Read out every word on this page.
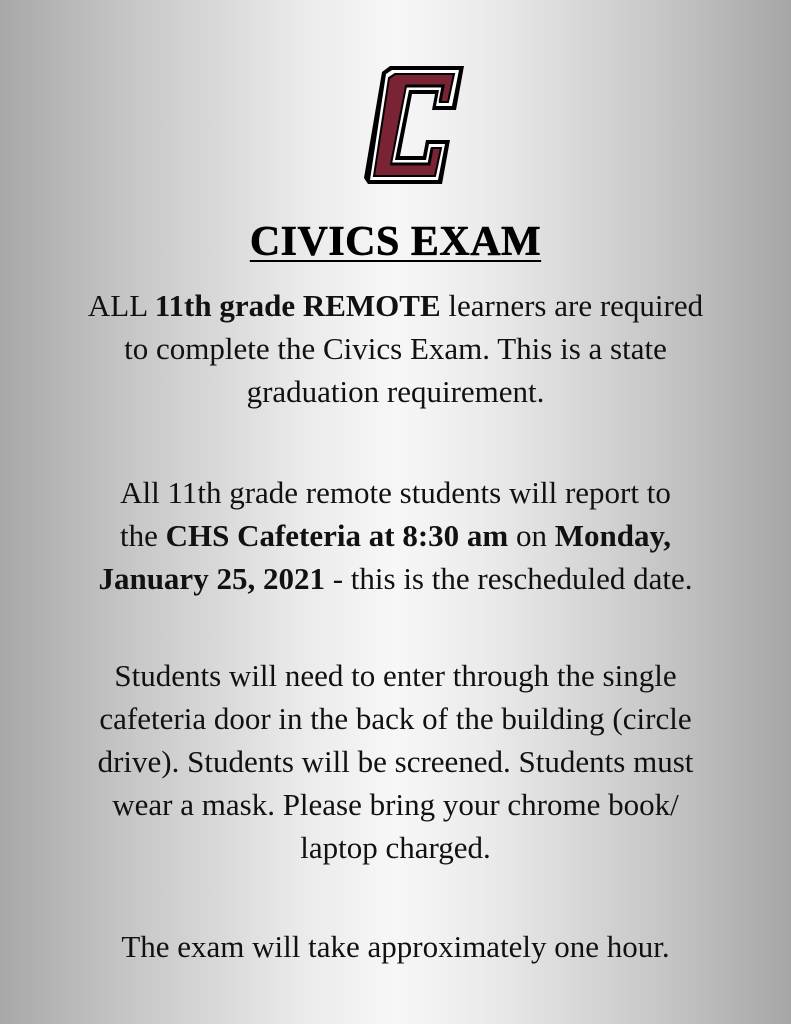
CIVICS EXAM
ALL 11th grade REMOTE learners are required
to complete the Civics Exam. This is a state
graduation requirement.
All 11th grade remote students will report to
the CHS Cafeteria at 8:30 am on Monday,
January 25, 2021 - this is the rescheduled date.
Students will need to enter through the single
cafeteria door in the back of the building (circle
drive). Students will be screened. Students must
wear a mask. Please bring your chrome book/
laptop charged.
The exam will take approximately one hour.
